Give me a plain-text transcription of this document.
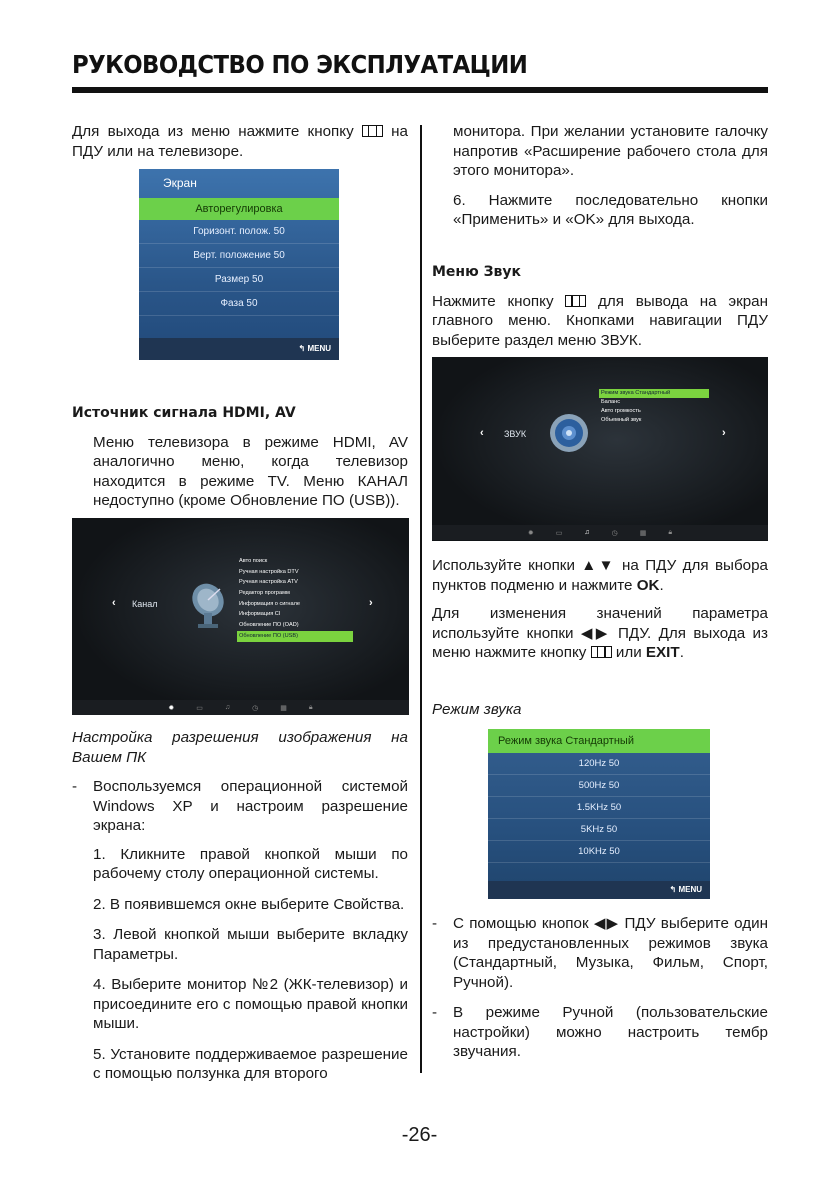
РУКОВОДСТВО ПО ЭКСПЛУАТАЦИИ

Для выхода из меню нажмите кнопку на ПДУ или на телевизоре.

Экран
Авторегулировка
Горизонт. полож. 50
Верт. положение 50
Размер 50
Фаза 50
↰ MENU

Источник сигнала HDMI, AV

Меню телевизора в режиме HDMI, AV аналогично меню, когда телевизор находится в режиме TV. Меню КАНАЛ недоступно (кроме Обновление ПО (USB)).

‹ Канал	›
Авто поиск
Ручная настройка DTV
Ручная настройка ATV
Редактор программ
Информация о сигнале
Информация CI
Обновление ПО (OAD)
Обновление ПО (USB)
✹	▭	♫	◷	▦	🔒︎

Настройка разрешения изображения на Вашем ПК

-	Воспользуемся операционной системой Windows XP и настроим разрешение экрана:

1. Кликните правой кнопкой мыши по рабочему столу операционной системы.

2. В появившемся окне выберите Свойства.

3. Левой кнопкой мыши выберите вкладку Параметры.

4. Выберите монитор №2 (ЖК-телевизор) и присоедините его с помощью правой кнопки мыши.

5. Установите поддерживаемое разрешение с помощью ползунка для второго

монитора. При желании установите галочку напротив «Расширение рабочего стола для этого монитора».

6. Нажмите последовательно кнопки «Применить» и «OK» для выхода.

Меню Звук

Нажмите кнопку	для вывода на экран главного меню. Кнопками навигации ПДУ выберите раздел меню ЗВУК.

‹ ЗВУК	›
Режим звука Стандартный
Баланс
Авто громкость
Объемный звук
✹	▭	♫	◷	▦	🔒︎

Используйте кнопки ▲▼ на ПДУ для выбора пунктов подменю и нажмите OK.

Для изменения значений параметра используйте кнопки ◀▶ ПДУ. Для выхода из меню нажмите кнопку или EXIT.

Режим звука

Режим звука Стандартный
120Hz 50
500Hz 50
1.5KHz 50
5KHz 50
10KHz 50
↰ MENU
-	С помощью кнопок ◀▶ ПДУ выберите один из предустановленных режимов звука (Стандартный, Музыка, Фильм, Спорт, Ручной).
-	В режиме Ручной (пользовательские настройки) можно настроить тембр звучания.
-26-
